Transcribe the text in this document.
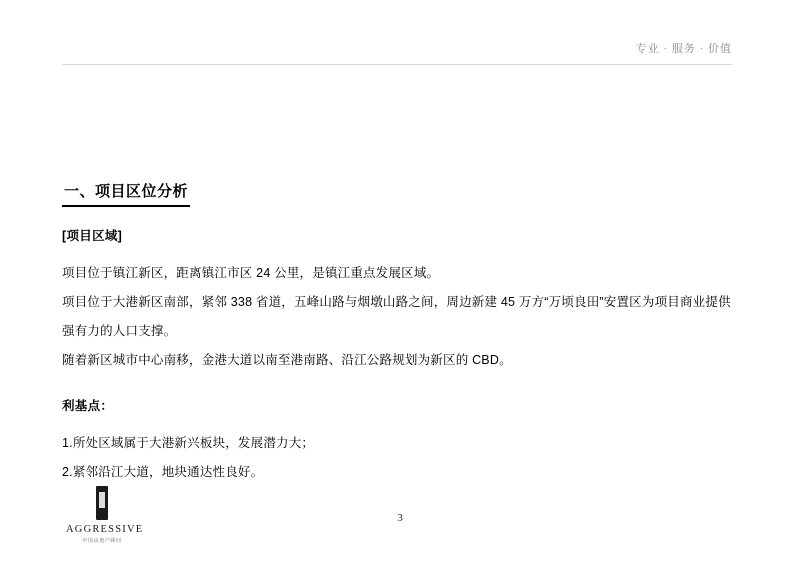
专业 · 服务 · 价值
一、项目区位分析
[项目区域]

项目位于镇江新区，距离镇江市区 24 公里，是镇江重点发展区域。

项目位于大港新区南部，紧邻 338 省道，五峰山路与烟墩山路之间，周边新建 45 万方“万顷良田”安置区为项目商业提供强有力的人口支撑。

随着新区城市中心南移，金港大道以南至港南路、沿江公路规划为新区的 CBD。

利基点：

1.所处区域属于大港新兴板块，发展潜力大；

2.紧邻沿江大道，地块通达性良好。

AGGRESSIVE
中国房地产顾问
3
